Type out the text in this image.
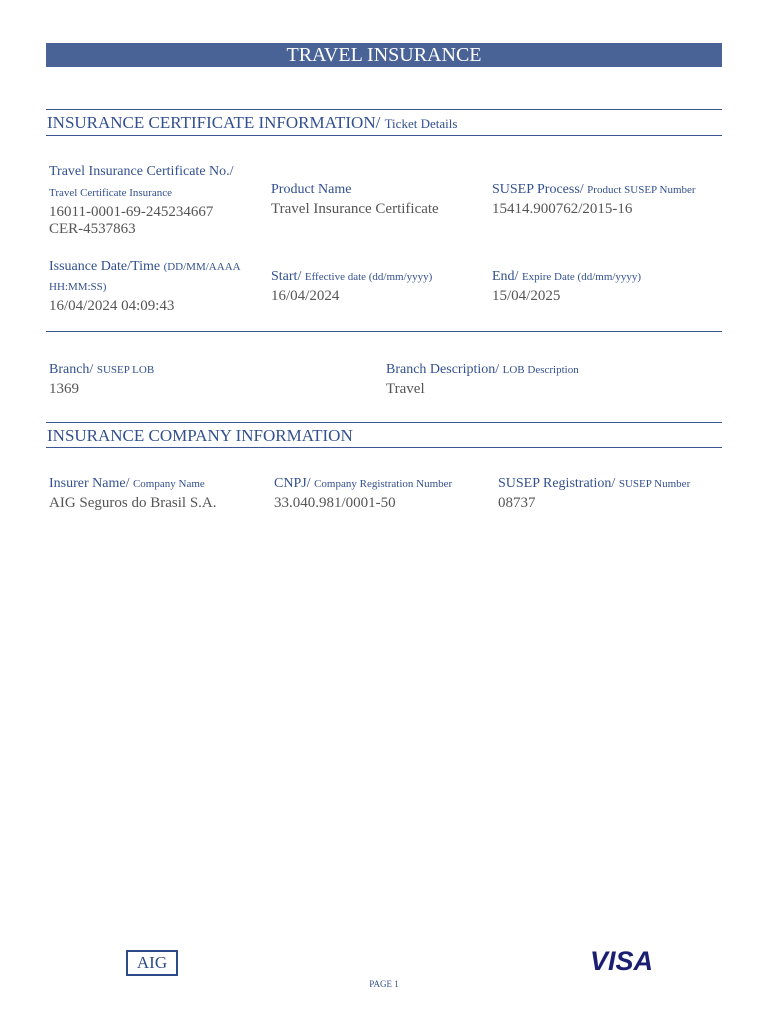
TRAVEL INSURANCE
INSURANCE CERTIFICATE INFORMATION/ Ticket Details
Travel Insurance Certificate No./
Travel Certificate Insurance
16011-0001-69-245234667
CER-4537863
Product Name
Travel Insurance Certificate
SUSEP Process/ Product SUSEP Number
15414.900762/2015-16
Issuance Date/Time (DD/MM/AAAA
HH:MM:SS)
16/04/2024 04:09:43
Start/ Effective date (dd/mm/yyyy)
16/04/2024
End/ Expire Date (dd/mm/yyyy)
15/04/2025
Branch/ SUSEP LOB
1369
Branch Description/ LOB Description
Travel
INSURANCE COMPANY INFORMATION
Insurer Name/ Company Name
AIG Seguros do Brasil S.A.
CNPJ/ Company Registration Number
33.040.981/0001-50
SUSEP Registration/ SUSEP Number
08737
AIG	VISA
PAGE 1
